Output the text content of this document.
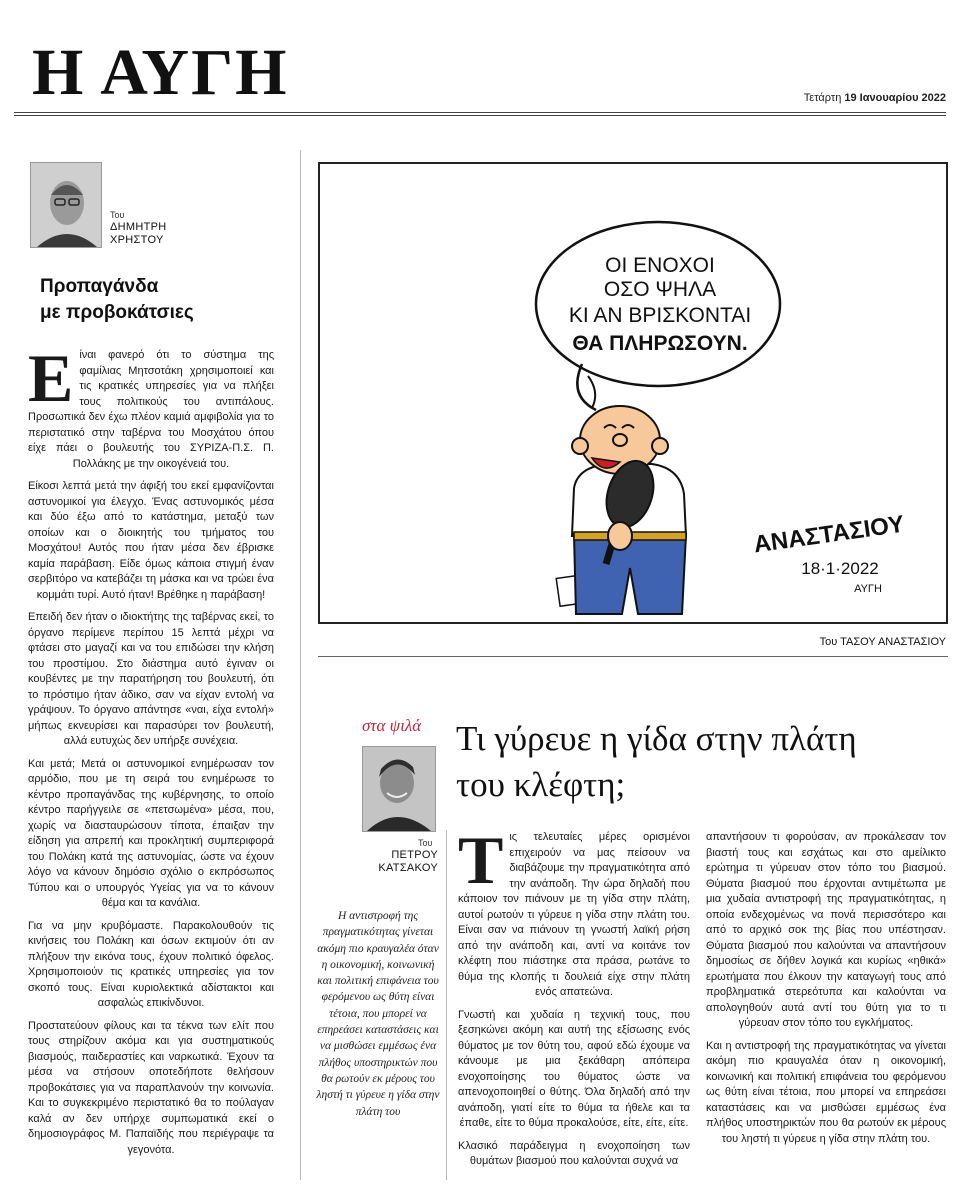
Η ΑΥΓΗ	Τετάρτη 19 Ιανουαρίου 2022
Του
ΔΗΜΗΤΡΗ
ΧΡΗΣΤΟΥ
Προπαγάνδα
με προβοκάτσιες

Είναι φανερό ότι το σύστημα της φαμίλιας Μητσοτάκη χρησιμοποιεί και τις κρατικές υπηρεσίες για να πλήξει τους πολιτικούς του αντιπάλους. Προσωπικά δεν έχω πλέον καμιά αμφιβολία για το περιστατικό στην ταβέρνα του Μοσχάτου όπου είχε πάει ο βουλευτής του ΣΥΡΙΖΑ-Π.Σ. Π. Πολλάκης με την οικογένειά του.

Είκοσι λεπτά μετά την άφιξή του εκεί εμφανίζονται αστυνομικοί για έλεγχο. Ένας αστυνομικός μέσα και δύο έξω από το κατάστημα, μεταξύ των οποίων και ο διοικητής του τμήματος του Μοσχάτου! Αυτός που ήταν μέσα δεν έβρισκε καμία παράβαση. Είδε όμως κάποια στιγμή έναν σερβιτόρο να κατεβάζει τη μάσκα και να τρώει ένα κομμάτι τυρί. Αυτό ήταν! Βρέθηκε η παράβαση!

Επειδή δεν ήταν ο ιδιοκτήτης της ταβέρνας εκεί, το όργανο περίμενε περίπου 15 λεπτά μέχρι να φτάσει στο μαγαζί και να του επιδώσει την κλήση του προστίμου. Στο διάστημα αυτό έγιναν οι κουβέντες με την παρατήρηση του βουλευτή, ότι το πρόστιμο ήταν άδικο, σαν να είχαν εντολή να γράψουν. Το όργανο απάντησε «ναι, είχα εντολή» μήπως εκνευρίσει και παρασύρει τον βουλευτή, αλλά ευτυχώς δεν υπήρξε συνέχεια.

Και μετά; Μετά οι αστυνομικοί ενημέρωσαν τον αρμόδιο, που με τη σειρά του ενημέρωσε το κέντρο προπαγάνδας της κυβέρνησης, το οποίο κέντρο παρήγγειλε σε «πετσωμένα» μέσα, που, χωρίς να διασταυρώσουν τίποτα, έπαιξαν την είδηση για απρεπή και προκλητική συμπεριφορά του Πολάκη κατά της αστυνομίας, ώστε να έχουν λόγο να κάνουν δημόσιο σχόλιο ο εκπρόσωπος Τύπου και ο υπουργός Υγείας για να το κάνουν θέμα και τα κανάλια.

Για να μην κρυβόμαστε. Παρακολουθούν τις κινήσεις του Πολάκη και όσων εκτιμούν ότι αν πλήξουν την εικόνα τους, έχουν πολιτικό όφελος. Χρησιμοποιούν τις κρατικές υπηρεσίες για τον σκοπό τους. Είναι κυριολεκτικά αδίστακτοι και ασφαλώς επικίνδυνοι.

Προστατεύουν φίλους και τα τέκνα των ελίτ που τους στηρίζουν ακόμα και για συστηματικούς βιασμούς, παιδεραστίες και ναρκωτικά. Έχουν τα μέσα να στήσουν οποτεδήποτε θελήσουν προβοκάτσιες για να παραπλανούν την κοινωνία. Και το συγκεκριμένο περιστατικό θα το πούλαγαν καλά αν δεν υπήρχε συμπωματικά εκεί ο δημοσιογράφος Μ. Παπαϊδής που περιέγραψε τα γεγονότα.

ΟΙ ΕΝΟΧΟΙ
ΟΣΟ ΨΗΛΑ
ΚΙ ΑΝ ΒΡΙΣΚΟΝΤΑΙ
ΘΑ ΠΛΗΡΩΣΟΥΝ.
ΑΝΑΣΤΑΣΙΟΥ
18·1·2022
ΑΥΓΗ
Του ΤΑΣΟΥ ΑΝΑΣΤΑΣΙΟΥ
στα ψιλά Τι γύρευε η γίδα στην πλάτη
του κλέφτη;
Του
ΠΕΤΡΟΥ
ΚΑΤΣΑΚΟΥ
Η αντιστροφή της πραγματικότητας γίνεται ακόμη πιο κραυγαλέα όταν η οικονομική, κοινωνική και πολιτική επιφάνεια του φερόμενου ως θύτη είναι τέτοια, που μπορεί να επηρεάσει καταστάσεις και να μισθώσει εμμέσως ένα πλήθος υποστηρικτών που θα ρωτούν εκ μέρους του ληστή τι γύρευε η γίδα στην πλάτη του

Τις τελευταίες μέρες ορισμένοι επιχειρούν να μας πείσουν να διαβάζουμε την πραγματικότητα από την ανάποδη. Την ώρα δηλαδή που κάποιον τον πιάνουν με τη γίδα στην πλάτη, αυτοί ρωτούν τι γύρευε η γίδα στην πλάτη του. Είναι σαν να πιάνουν τη γνωστή λαϊκή ρήση από την ανάποδη και, αντί να κοιτάνε τον κλέφτη που πιάστηκε στα πράσα, ρωτάνε το θύμα της κλοπής τι δουλειά είχε στην πλάτη ενός απατεώνα.

Γνωστή και χυδαία η τεχνική τους, που ξεσηκώνει ακόμη και αυτή της εξίσωσης ενός θύματος με τον θύτη του, αφού εδώ έχουμε να κάνουμε με μια ξεκάθαρη απόπειρα ενοχοποίησης του θύματος ώστε να απενοχοποιηθεί ο θύτης. Όλα δηλαδή από την ανάποδη, γιατί είτε το θύμα τα ήθελε και τα έπαθε, είτε το θύμα προκαλούσε, είτε, είτε, είτε.

Κλασικό παράδειγμα η ενοχοποίηση των θυμάτων βιασμού που καλούνται συχνά να

απαντήσουν τι φορούσαν, αν προκάλεσαν τον βιαστή τους και εσχάτως και στο αμείλικτο ερώτημα τι γύρευαν στον τόπο του βιασμού. Θύματα βιασμού που έρχονται αντιμέτωπα με μια χυδαία αντιστροφή της πραγματικότητας, η οποία ενδεχομένως να πονά περισσότερο και από το αρχικό σοκ της βίας που υπέστησαν. Θύματα βιασμού που καλούνται να απαντήσουν δημοσίως σε δήθεν λογικά και κυρίως «ηθικά» ερωτήματα που έλκουν την καταγωγή τους από προβληματικά στερεότυπα και καλούνται να απολογηθούν αυτά αντί του θύτη για το τι γύρευαν στον τόπο του εγκλήματος.

Και η αντιστροφή της πραγματικότητας να γίνεται ακόμη πιο κραυγαλέα όταν η οικονομική, κοινωνική και πολιτική επιφάνεια του φερόμενου ως θύτη είναι τέτοια, που μπορεί να επηρεάσει καταστάσεις και να μισθώσει εμμέσως ένα πλήθος υποστηρικτών που θα ρωτούν εκ μέρους του ληστή τι γύρευε η γίδα στην πλάτη του.
